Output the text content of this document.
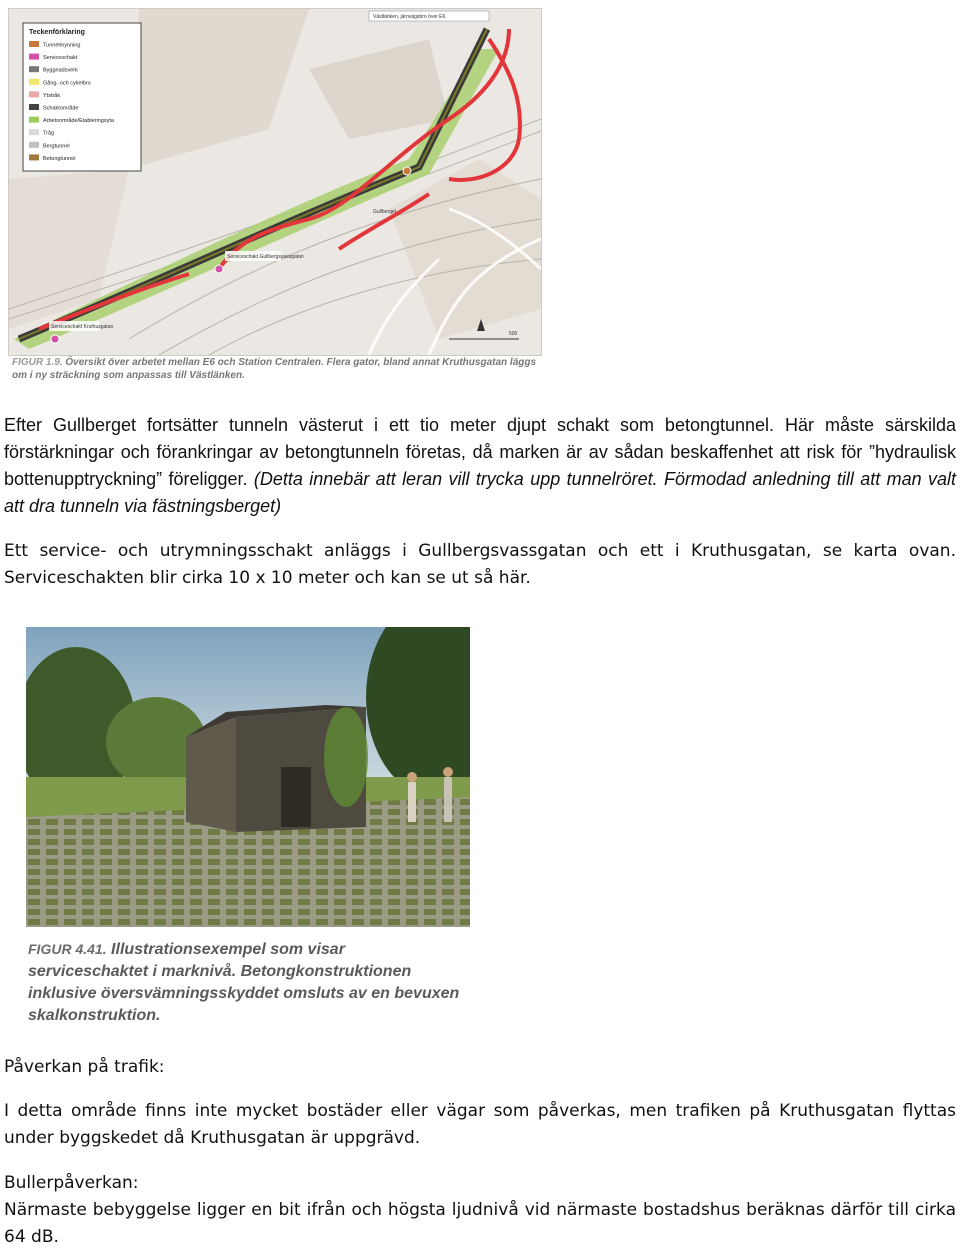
Västlänken, järnvägsbro över E6
Teckenförklaring
Tunnelmynning
Serviceschakt
Byggnadsverk
Gång- och cykelbro
Ytstråk
Schaktområde
Arbetsområde/Etableringsyta
Tråg
Bergtunnel
Betongtunnel
Serviceschakt Kruthusgatan
Serviceschakt Gullbergsvassgatan
Gullberget
500
FIGUR 1.9. Översikt över arbetet mellan E6 och Station Centralen. Flera gator, bland annat Kruthusgatan läggs om i ny sträckning som anpassas till Västlänken.

Efter Gullberget fortsätter tunneln västerut i ett tio meter djupt schakt som betongtunnel. Här måste särskilda förstärkningar och förankringar av betongtunneln företas, då marken är av sådan beskaffenhet att risk för ”hydraulisk bottenupptryckning” föreligger. (Detta innebär att leran vill trycka upp tunnelröret. Förmodad anledning till att man valt att dra tunneln via fästningsberget)

Ett service- och utrymningsschakt anläggs i Gullbergsvassgatan och ett i Kruthusgatan, se karta ovan. Serviceschakten blir cirka 10 x 10 meter och kan se ut så här.

FIGUR 4.41. Illustrationsexempel som visar serviceschaktet i marknivå. Betongkonstruktionen inklusive översvämningsskyddet omsluts av en bevuxen skalkonstruktion.

Påverkan på trafik:

I detta område finns inte mycket bostäder eller vägar som påverkas, men trafiken på Kruthusgatan flyttas under byggskedet då Kruthusgatan är uppgrävd.

Bullerpåverkan:

Närmaste bebyggelse ligger en bit ifrån och högsta ljudnivå vid närmaste bostadshus beräknas därför till cirka 64 dB.
